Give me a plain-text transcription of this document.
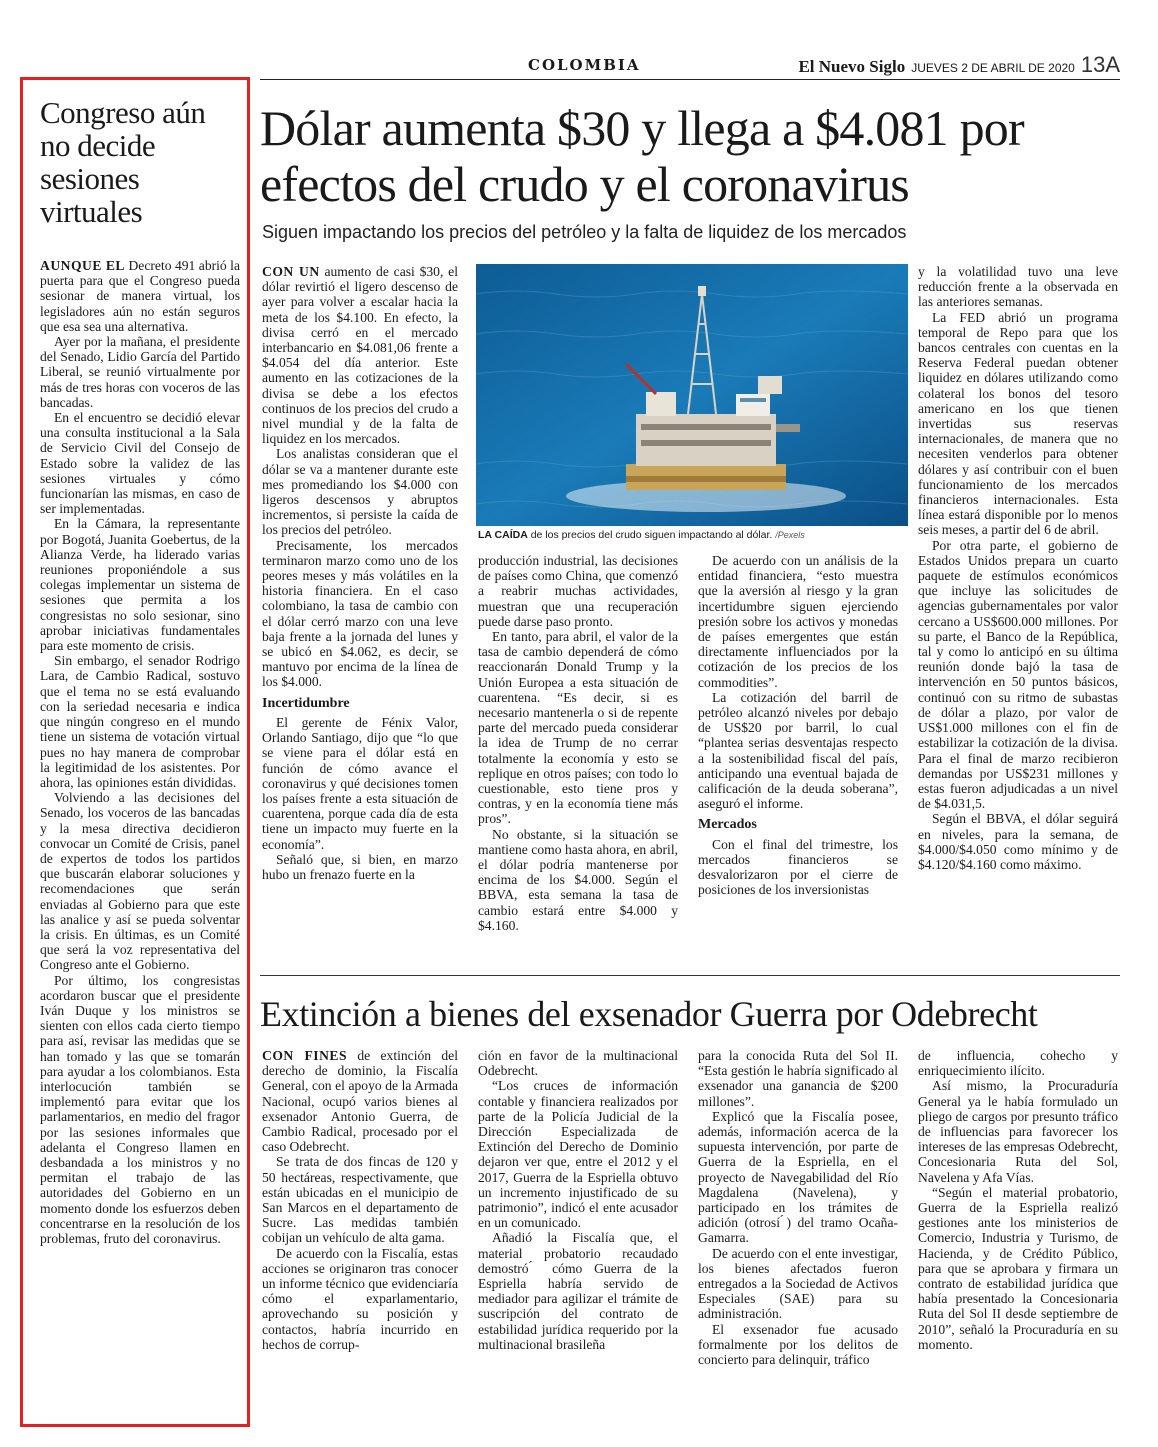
COLOMBIA	El Nuevo Siglo JUEVES 2 DE ABRIL DE 2020 13A
Congreso aún no decide sesiones virtuales

AUNQUE EL Decreto 491 abrió la puerta para que el Congreso pueda sesionar de manera virtual, los legisladores aún no están seguros que esa sea una alternativa.

Ayer por la mañana, el presidente del Senado, Lidio García del Partido Liberal, se reunió virtualmente por más de tres horas con voceros de las bancadas.

En el encuentro se decidió elevar una consulta institucional a la Sala de Servicio Civil del Consejo de Estado sobre la validez de las sesiones virtuales y cómo funcionarían las mismas, en caso de ser implementadas.

En la Cámara, la representante por Bogotá, Juanita Goebertus, de la Alianza Verde, ha liderado varias reuniones proponiéndole a sus colegas implementar un sistema de sesiones que permita a los congresistas no solo sesionar, sino aprobar iniciativas fundamentales para este momento de crisis.

Sin embargo, el senador Rodrigo Lara, de Cambio Radical, sostuvo que el tema no se está evaluando con la seriedad necesaria e indica que ningún congreso en el mundo tiene un sistema de votación virtual pues no hay manera de comprobar la legitimidad de los asistentes. Por ahora, las opiniones están divididas.

Volviendo a las decisiones del Senado, los voceros de las bancadas y la mesa directiva decidieron convocar un Comité de Crisis, panel de expertos de todos los partidos que buscarán elaborar soluciones y recomendaciones que serán enviadas al Gobierno para que este las analice y así se pueda solventar la crisis. En últimas, es un Comité que será la voz representativa del Congreso ante el Gobierno.

Por último, los congresistas acordaron buscar que el presidente Iván Duque y los ministros se sienten con ellos cada cierto tiempo para así, revisar las medidas que se han tomado y las que se tomarán para ayudar a los colombianos. Esta interlocución también se implementó para evitar que los parlamentarios, en medio del fragor por las sesiones informales que adelanta el Congreso llamen en desbandada a los ministros y no permitan el trabajo de las autoridades del Gobierno en un momento donde los esfuerzos deben concentrarse en la resolución de los problemas, fruto del coronavirus.

Dólar aumenta $30 y llega a $4.081 por efectos del crudo y el coronavirus
Siguen impactando los precios del petróleo y la falta de liquidez de los mercados

CON UN aumento de casi $30, el dólar revirtió el ligero descenso de ayer para volver a escalar hacia la meta de los $4.100. En efecto, la divisa cerró en el mercado interbancario en $4.081,06 frente a $4.054 del día anterior. Este aumento en las cotizaciones de la divisa se debe a los efectos continuos de los precios del crudo a nivel mundial y de la falta de liquidez en los mercados.

Los analistas consideran que el dólar se va a mantener durante este mes promediando los $4.000 con ligeros descensos y abruptos incrementos, si persiste la caída de los precios del petróleo.

Precisamente, los mercados terminaron marzo como uno de los peores meses y más volátiles en la historia financiera. En el caso colombiano, la tasa de cambio con el dólar cerró marzo con una leve baja frente a la jornada del lunes y se ubicó en $4.062, es decir, se mantuvo por encima de la línea de los $4.000.

Incertidumbre

El gerente de Fénix Valor, Orlando Santiago, dijo que “lo que se viene para el dólar está en función de cómo avance el coronavirus y qué decisiones tomen los países frente a esta situación de cuarentena, porque cada día de esta tiene un impacto muy fuerte en la economía”.

Señaló que, si bien, en marzo hubo un frenazo fuerte en la

LA CAÍDA de los precios del crudo siguen impactando al dólar. /Pexels

producción industrial, las decisiones de países como China, que comenzó a reabrir muchas actividades, muestran que una recuperación puede darse paso pronto.

En tanto, para abril, el valor de la tasa de cambio dependerá de cómo reaccionarán Donald Trump y la Unión Europea a esta situación de cuarentena. “Es decir, si es necesario mantenerla o si de repente parte del mercado pueda considerar la idea de Trump de no cerrar totalmente la economía y esto se replique en otros países; con todo lo cuestionable, esto tiene pros y contras, y en la economía tiene más pros”.

No obstante, si la situación se mantiene como hasta ahora, en abril, el dólar podría mantenerse por encima de los $4.000. Según el BBVA, esta semana la tasa de cambio estará entre $4.000 y $4.160.

De acuerdo con un análisis de la entidad financiera, “esto muestra que la aversión al riesgo y la gran incertidumbre siguen ejerciendo presión sobre los activos y monedas de países emergentes que están directamente influenciados por la cotización de los precios de los commodities”.

La cotización del barril de petróleo alcanzó niveles por debajo de US$20 por barril, lo cual “plantea serias desventajas respecto a la sostenibilidad fiscal del país, anticipando una eventual bajada de calificación de la deuda soberana”, aseguró el informe.

Mercados

Con el final del trimestre, los mercados financieros se desvalorizaron por el cierre de posiciones de los inversionistas

y la volatilidad tuvo una leve reducción frente a la observada en las anteriores semanas.

La FED abrió un programa temporal de Repo para que los bancos centrales con cuentas en la Reserva Federal puedan obtener liquidez en dólares utilizando como colateral los bonos del tesoro americano en los que tienen invertidas sus reservas internacionales, de manera que no necesiten venderlos para obtener dólares y así contribuir con el buen funcionamiento de los mercados financieros internacionales. Esta línea estará disponible por lo menos seis meses, a partir del 6 de abril.

Por otra parte, el gobierno de Estados Unidos prepara un cuarto paquete de estímulos económicos que incluye las solicitudes de agencias gubernamentales por valor cercano a US$600.000 millones. Por su parte, el Banco de la República, tal y como lo anticipó en su última reunión donde bajó la tasa de intervención en 50 puntos básicos, continuó con su ritmo de subastas de dólar a plazo, por valor de US$1.000 millones con el fin de estabilizar la cotización de la divisa. Para el final de marzo recibieron demandas por US$231 millones y estas fueron adjudicadas a un nivel de $4.031,5.

Según el BBVA, el dólar seguirá en niveles, para la semana, de $4.000/$4.050 como mínimo y de $4.120/$4.160 como máximo.

Extinción a bienes del exsenador Guerra por Odebrecht

CON FINES de extinción del derecho de dominio, la Fiscalía General, con el apoyo de la Armada Nacional, ocupó varios bienes al exsenador Antonio Guerra, de Cambio Radical, procesado por el caso Odebrecht.

Se trata de dos fincas de 120 y 50 hectáreas, respectivamente, que están ubicadas en el municipio de San Marcos en el departamento de Sucre. Las medidas también cobijan un vehículo de alta gama.

De acuerdo con la Fiscalía, estas acciones se originaron tras conocer un informe técnico que evidenciaría cómo el exparlamentario, aprovechando su posición y contactos, habría incurrido en hechos de corrup-

ción en favor de la multinacional Odebrecht.

“Los cruces de información contable y financiera realizados por parte de la Policía Judicial de la Dirección Especializada de Extinción del Derecho de Dominio dejaron ver que, entre el 2012 y el 2017, Guerra de la Espriella obtuvo un incremento injustificado de su patrimonio”, indicó el ente acusador en un comunicado.

Añadió la Fiscalía que, el material probatorio recaudado demostró ́ cómo Guerra de la Espriella habría servido de mediador para agilizar el trámite de suscripción del contrato de estabilidad jurídica requerido por la multinacional brasileña

para la conocida Ruta del Sol II. “Esta gestión le habría significado al exsenador una ganancia de $200 millones”.

Explicó que la Fiscalía posee, además, información acerca de la supuesta intervención, por parte de Guerra de la Espriella, en el proyecto de Navegabilidad del Río Magdalena (Navelena), y participado en los trámites de adición (otrosí ́) del tramo Ocaña-Gamarra.

De acuerdo con el ente investigar, los bienes afectados fueron entregados a la Sociedad de Activos Especiales (SAE) para su administración.

El exsenador fue acusado formalmente por los delitos de concierto para delinquir, tráfico

de influencia, cohecho y enriquecimiento ilícito.

Así mismo, la Procuraduría General ya le había formulado un pliego de cargos por presunto tráfico de influencias para favorecer los intereses de las empresas Odebrecht, Concesionaria Ruta del Sol, Navelena y Afa Vías.

“Según el material probatorio, Guerra de la Espriella realizó gestiones ante los ministerios de Comercio, Industria y Turismo, de Hacienda, y de Crédito Público, para que se aprobara y firmara un contrato de estabilidad jurídica que había presentado la Concesionaria Ruta del Sol II desde septiembre de 2010”, señaló la Procuraduría en su momento.
